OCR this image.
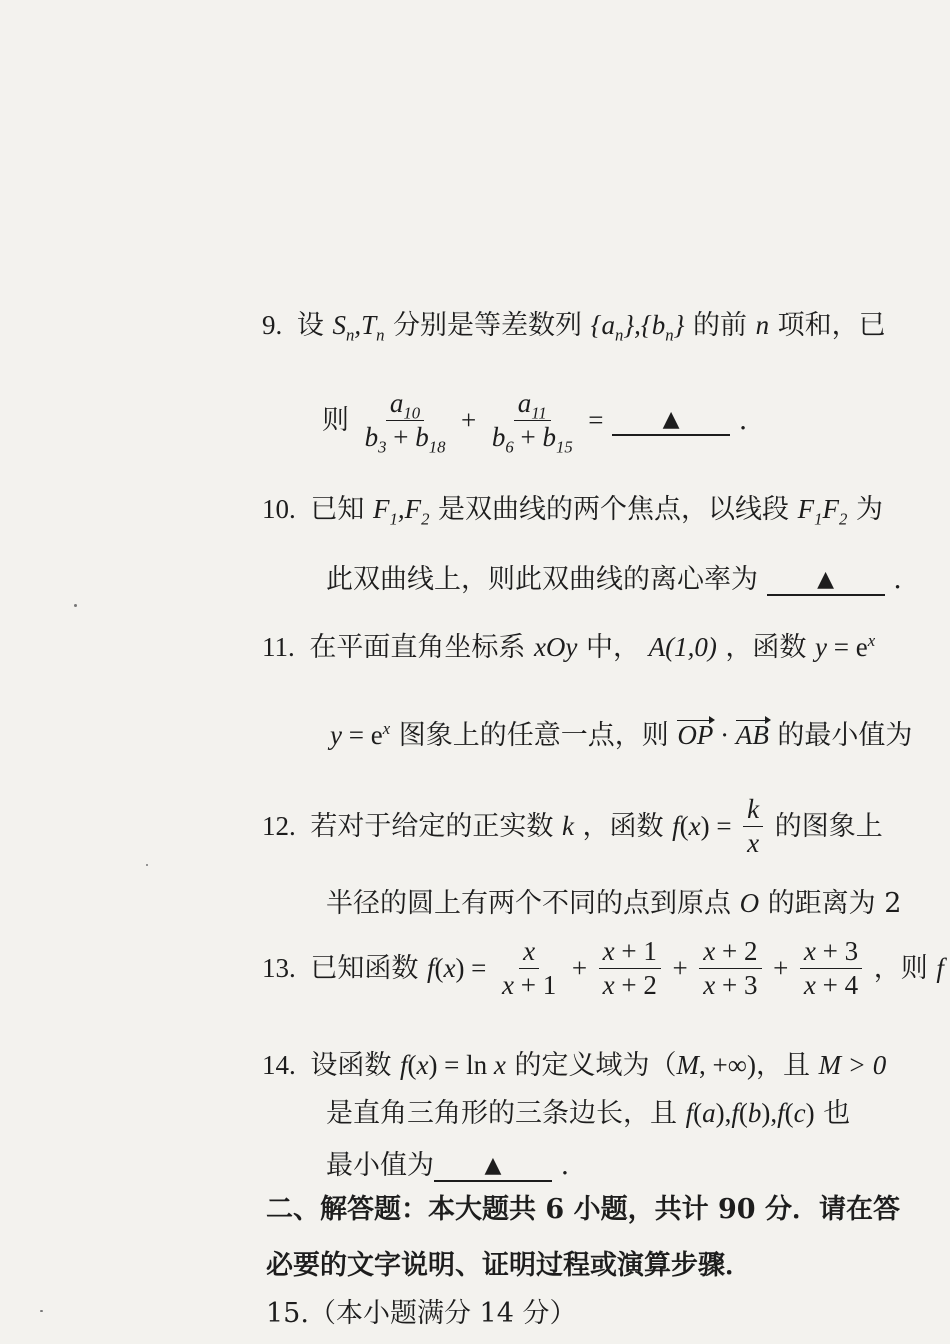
9. 设 $S_n,T_n$ 分别是等差数列 $\{a_n\},\{b_n\}$ 的前 n 项和，已
则 $\frac{a_{10}}{b_3 + b_{18}} + \frac{a_{11}}{b_6 + b_{15}}$ =	▲ .
10. 已知 $F_1,F_2$ 是双曲线的两个焦点，以线段 $F_1F_2$ 为
此双曲线上，则此双曲线的离心率为	▲ .
11. 在平面直角坐标系 xOy 中， A(1,0) ，函数 $y = e^x$
$y = e^x$ 图象上的任意一点，则 OP · AB 的最小值为
12. 若对于给定的正实数 k ，函数 $f(x) = \frac{k}{x}$ 的图象上
半径的圆上有两个不同的点到原点 O 的距离为 2
13. 已知函数 $f(x) = \frac{x}{x + 1} + \frac{x + 1}{x + 2} + \frac{x + 2}{x + 3} + \frac{x + 3}{x + 4}$ ，则 f
14. 设函数 f(x) = ln x 的定义域为（M, +∞)，且 M > 0
是直角三角形的三条边长，且 f(a),f(b),f(c) 也
最小值为 ▲ .
二、解答题：本大题共 6 小题，共计 90 分．请在答
必要的文字说明、证明过程或演算步骤．
15.（本小题满分 14 分）
